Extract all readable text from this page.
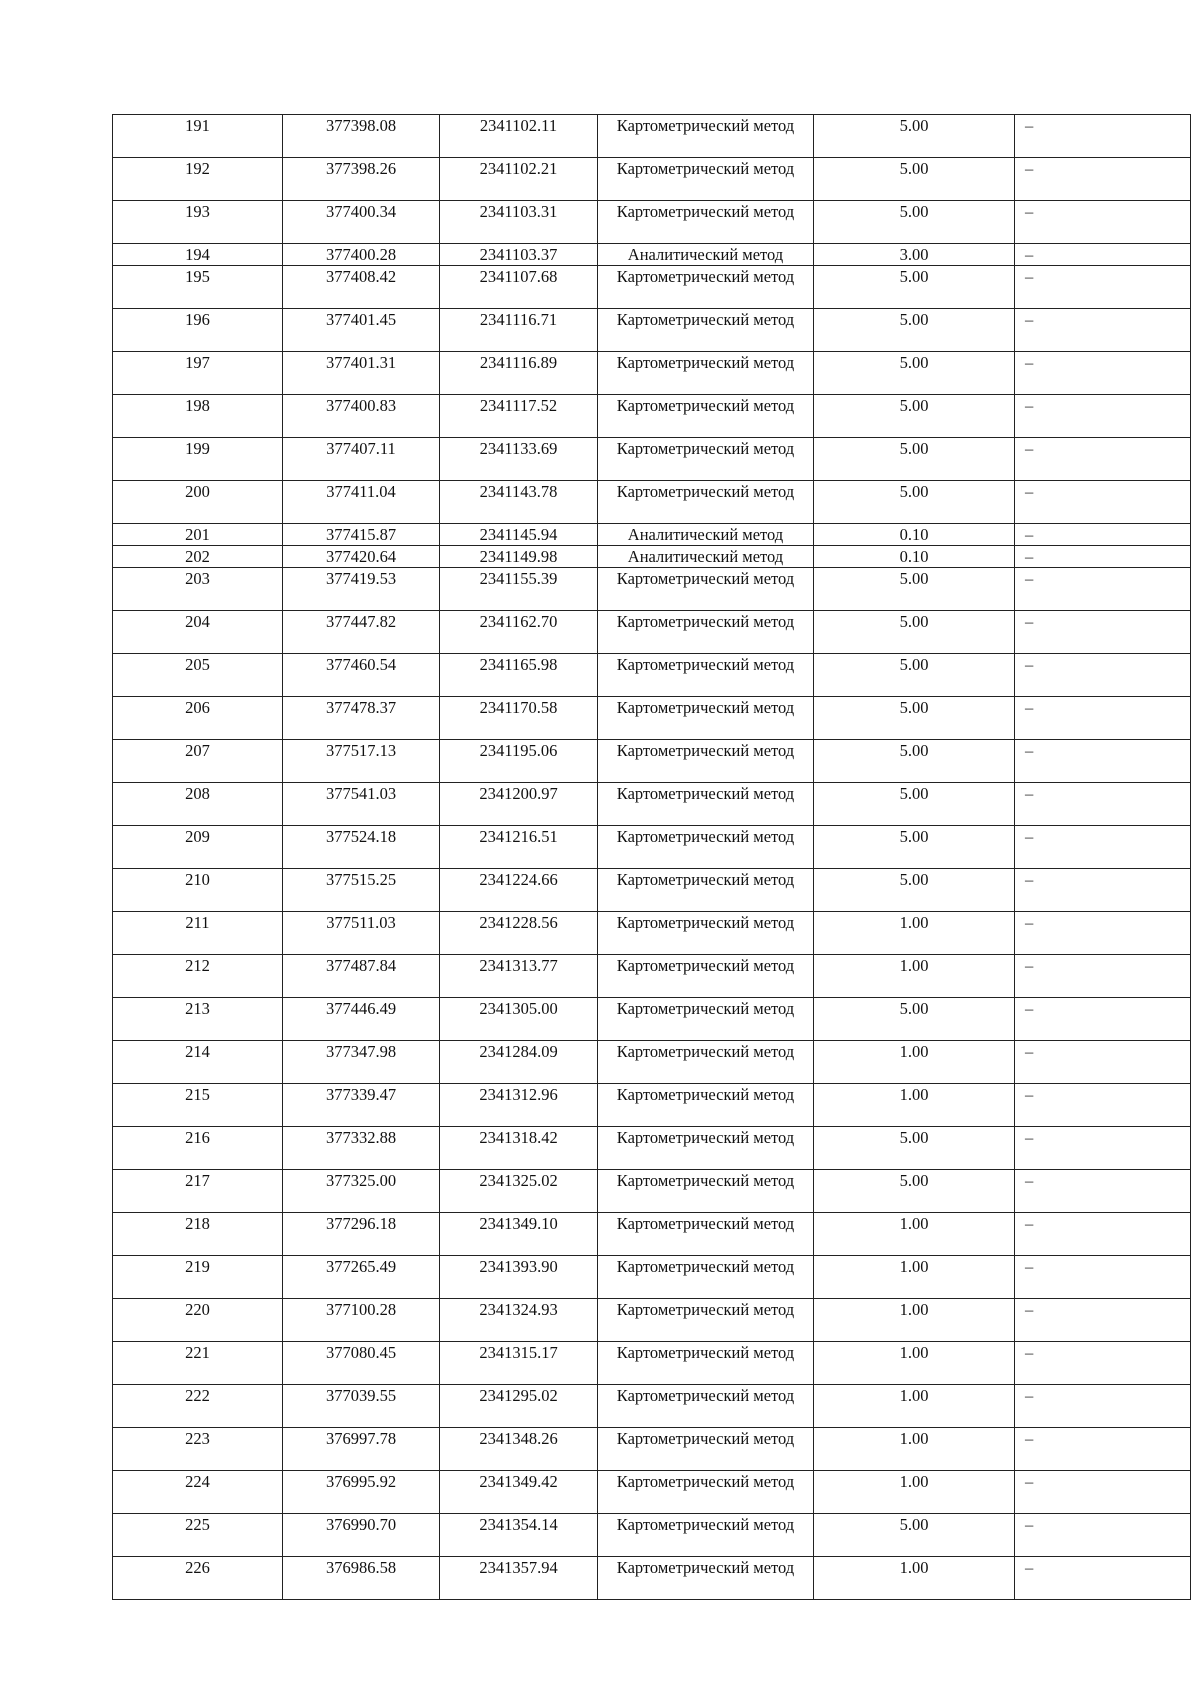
191	377398.08	2341102.11	Картометрический метод	5.00	–
192	377398.26	2341102.21	Картометрический метод	5.00	–
193	377400.34	2341103.31	Картометрический метод	5.00	–
194	377400.28	2341103.37	Аналитический метод	3.00	–
195	377408.42	2341107.68	Картометрический метод	5.00	–
196	377401.45	2341116.71	Картометрический метод	5.00	–
197	377401.31	2341116.89	Картометрический метод	5.00	–
198	377400.83	2341117.52	Картометрический метод	5.00	–
199	377407.11	2341133.69	Картометрический метод	5.00	–
200	377411.04	2341143.78	Картометрический метод	5.00	–
201	377415.87	2341145.94	Аналитический метод	0.10	–
202	377420.64	2341149.98	Аналитический метод	0.10	–
203	377419.53	2341155.39	Картометрический метод	5.00	–
204	377447.82	2341162.70	Картометрический метод	5.00	–
205	377460.54	2341165.98	Картометрический метод	5.00	–
206	377478.37	2341170.58	Картометрический метод	5.00	–
207	377517.13	2341195.06	Картометрический метод	5.00	–
208	377541.03	2341200.97	Картометрический метод	5.00	–
209	377524.18	2341216.51	Картометрический метод	5.00	–
210	377515.25	2341224.66	Картометрический метод	5.00	–
211	377511.03	2341228.56	Картометрический метод	1.00	–
212	377487.84	2341313.77	Картометрический метод	1.00	–
213	377446.49	2341305.00	Картометрический метод	5.00	–
214	377347.98	2341284.09	Картометрический метод	1.00	–
215	377339.47	2341312.96	Картометрический метод	1.00	–
216	377332.88	2341318.42	Картометрический метод	5.00	–
217	377325.00	2341325.02	Картометрический метод	5.00	–
218	377296.18	2341349.10	Картометрический метод	1.00	–
219	377265.49	2341393.90	Картометрический метод	1.00	–
220	377100.28	2341324.93	Картометрический метод	1.00	–
221	377080.45	2341315.17	Картометрический метод	1.00	–
222	377039.55	2341295.02	Картометрический метод	1.00	–
223	376997.78	2341348.26	Картометрический метод	1.00	–
224	376995.92	2341349.42	Картометрический метод	1.00	–
225	376990.70	2341354.14	Картометрический метод	5.00	–
226	376986.58	2341357.94	Картометрический метод	1.00	–
